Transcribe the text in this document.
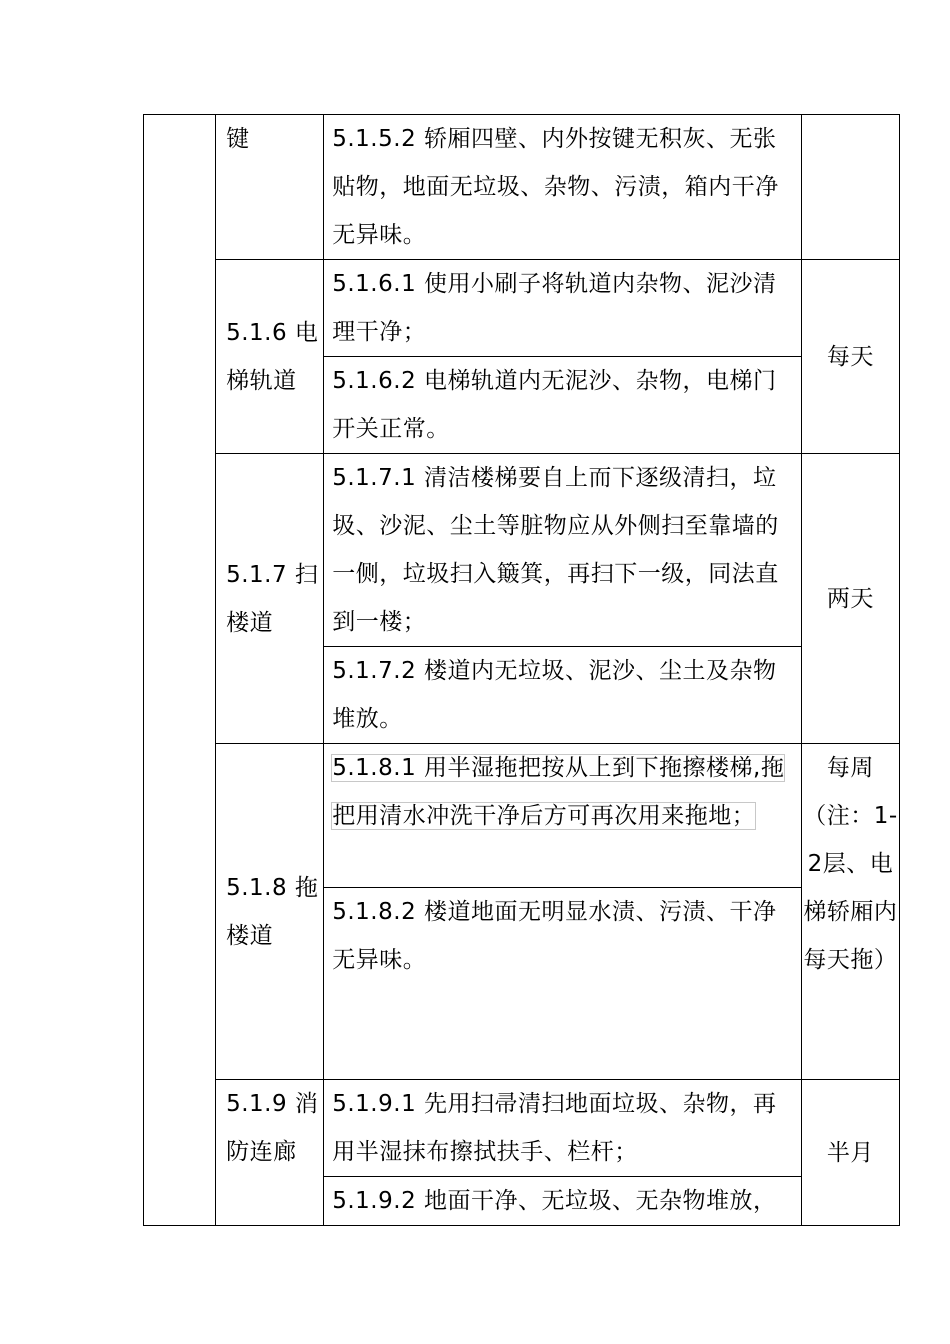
	键	5.1.5.2 轿厢四壁、内外按键无积灰、无张贴物，地面无垃圾、杂物、污渍，箱内干净无异味。	
	5.1.6 电梯轨道	5.1.6.1 使用小刷子将轨道内杂物、泥沙清理干净；	每天
		5.1.6.2 电梯轨道内无泥沙、杂物，电梯门开关正常。	
	5.1.7 扫楼道	5.1.7.1 清洁楼梯要自上而下逐级清扫，垃圾、沙泥、尘土等脏物应从外侧扫至靠墙的一侧，垃圾扫入簸箕，再扫下一级，同法直到一楼；	两天
		5.1.7.2 楼道内无垃圾、泥沙、尘土及杂物堆放。	
	5.1.8 拖楼道	5.1.8.1 用半湿拖把按从上到下拖擦楼梯,拖把用清水冲洗干净后方可再次用来拖地；	每周（注：1-2层、电梯轿厢内每天拖）
		5.1.8.2 楼道地面无明显水渍、污渍、干净无异味。	
	5.1.9 消防连廊	5.1.9.1 先用扫帚清扫地面垃圾、杂物，再用半湿抹布擦拭扶手、栏杆；	半月
		5.1.9.2 地面干净、无垃圾、无杂物堆放，	
